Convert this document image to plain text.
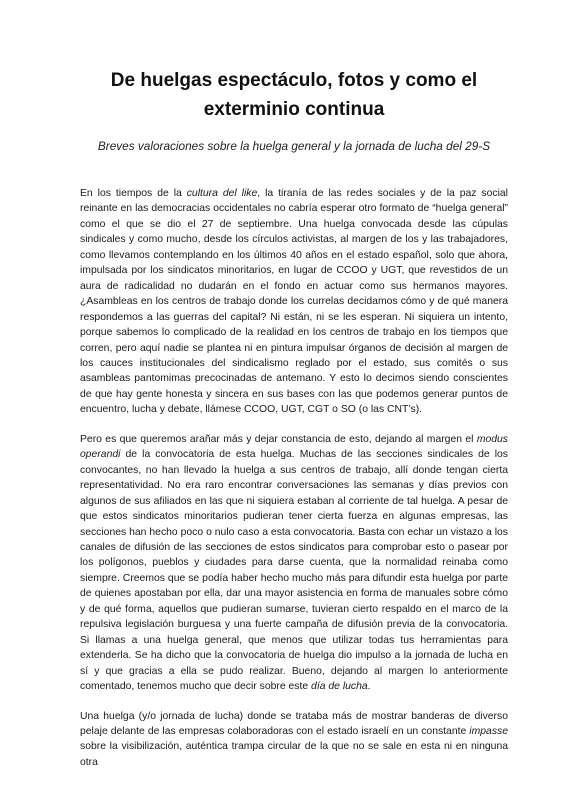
De huelgas espectáculo, fotos y como el exterminio continua

Breves valoraciones sobre la huelga general y la jornada de lucha del 29-S

En los tiempos de la cultura del like, la tiranía de las redes sociales y de la paz social reinante en las democracias occidentales no cabría esperar otro formato de “huelga general” como el que se dio el 27 de septiembre. Una huelga convocada desde las cúpulas sindicales y como mucho, desde los círculos activistas, al margen de los y las trabajadores, como llevamos contemplando en los últimos 40 años en el estado español, solo que ahora, impulsada por los sindicatos minoritarios, en lugar de CCOO y UGT, que revestidos de un aura de radicalidad no dudarán en el fondo en actuar como sus hermanos mayores. ¿Asambleas en los centros de trabajo donde los currelas decidamos cómo y de qué manera respondemos a las guerras del capital? Ni están, ni se les esperan. Ni siquiera un intento, porque sabemos lo complicado de la realidad en los centros de trabajo en los tiempos que corren, pero aquí nadie se plantea ni en pintura impulsar órganos de decisión al margen de los cauces institucionales del sindicalismo reglado por el estado, sus comités o sus asambleas pantomimas precocinadas de antemano. Y esto lo decimos siendo conscientes de que hay gente honesta y sincera en sus bases con las que podemos generar puntos de encuentro, lucha y debate, llámese CCOO, UGT, CGT o SO (o las CNT’s).

Pero es que queremos arañar más y dejar constancia de esto, dejando al margen el modus operandi de la convocatoria de esta huelga. Muchas de las secciones sindicales de los convocantes, no han llevado la huelga a sus centros de trabajo, allí donde tengan cierta representatividad. No era raro encontrar conversaciones las semanas y días previos con algunos de sus afiliados en las que ni siquiera estaban al corriente de tal huelga. A pesar de que estos sindicatos minoritarios pudieran tener cierta fuerza en algunas empresas, las secciones han hecho poco o nulo caso a esta convocatoria. Basta con echar un vistazo a los canales de difusión de las secciones de estos sindicatos para comprobar esto o pasear por los polígonos, pueblos y ciudades para darse cuenta, que la normalidad reinaba como siempre. Creemos que se podía haber hecho mucho más para difundir esta huelga por parte de quienes apostaban por ella, dar una mayor asistencia en forma de manuales sobre cómo y de qué forma, aquellos que pudieran sumarse, tuvieran cierto respaldo en el marco de la repulsiva legislación burguesa y una fuerte campaña de difusión previa de la convocatoria. Si llamas a una huelga general, que menos que utilizar todas tus herramientas para extenderla. Se ha dicho que la convocatoria de huelga dio impulso a la jornada de lucha en sí y que gracias a ella se pudo realizar. Bueno, dejando al margen lo anteriormente comentado, tenemos mucho que decir sobre este día de lucha.

Una huelga (y/o jornada de lucha) donde se trataba más de mostrar banderas de diverso pelaje delante de las empresas colaboradoras con el estado israelí en un constante impasse sobre la visibilización, auténtica trampa circular de la que no se sale en esta ni en ninguna otra
